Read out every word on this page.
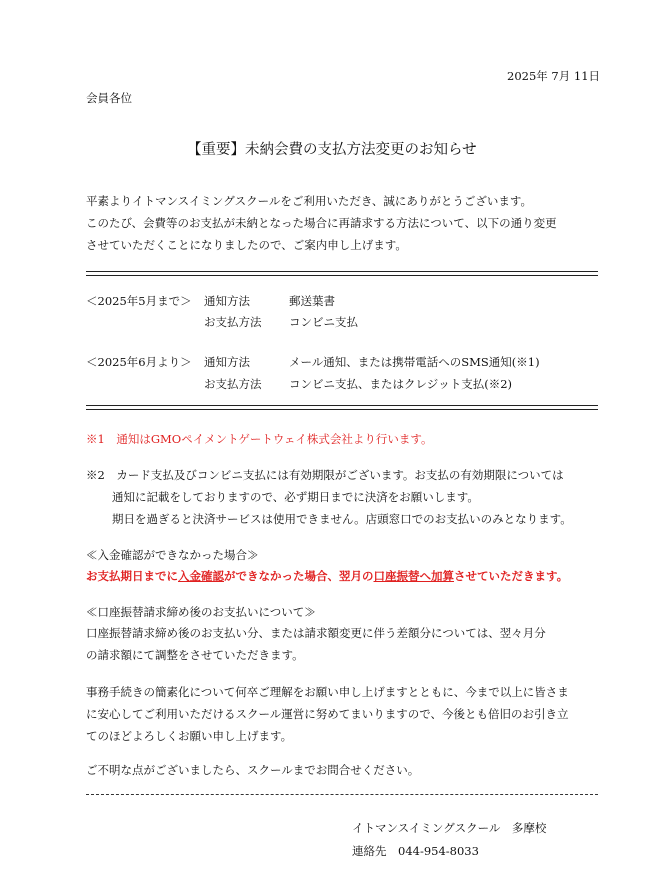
2025年 7月 11日
会員各位
【重要】未納会費の支払方法変更のお知らせ
平素よりイトマンスイミングスクールをご利用いただき、誠にありがとうございます。
このたび、会費等のお支払が未納となった場合に再請求する方法について、以下の通り変更
させていただくことになりましたので、ご案内申し上げます。
＜2025年5月まで＞ 通知方法	郵送葉書
お支払方法 コンビニ支払
＜2025年6月より＞ 通知方法	メール通知、または携帯電話へのSMS通知(※1)
お支払方法 コンビニ支払、またはクレジット支払(※2)
※1　通知はGMOペイメントゲートウェイ株式会社より行います。
※2　カード支払及びコンビニ支払には有効期限がございます。お支払の有効期限については
通知に記載をしておりますので、必ず期日までに決済をお願いします。
期日を過ぎると決済サービスは使用できません。店頭窓口でのお支払いのみとなります。
≪入金確認ができなかった場合≫
お支払期日までに入金確認ができなかった場合、翌月の口座振替へ加算させていただきます。
≪口座振替請求締め後のお支払いについて≫
口座振替請求締め後のお支払い分、または請求額変更に伴う差額分については、翌々月分
の請求額にて調整をさせていただきます。
事務手続きの簡素化について何卒ご理解をお願い申し上げますとともに、今まで以上に皆さま
に安心してご利用いただけるスクール運営に努めてまいりますので、今後とも倍旧のお引き立
てのほどよろしくお願い申し上げます。
ご不明な点がございましたら、スクールまでお問合せください。
イトマンスイミングスクール　多摩校
連絡先　044-954-8033
